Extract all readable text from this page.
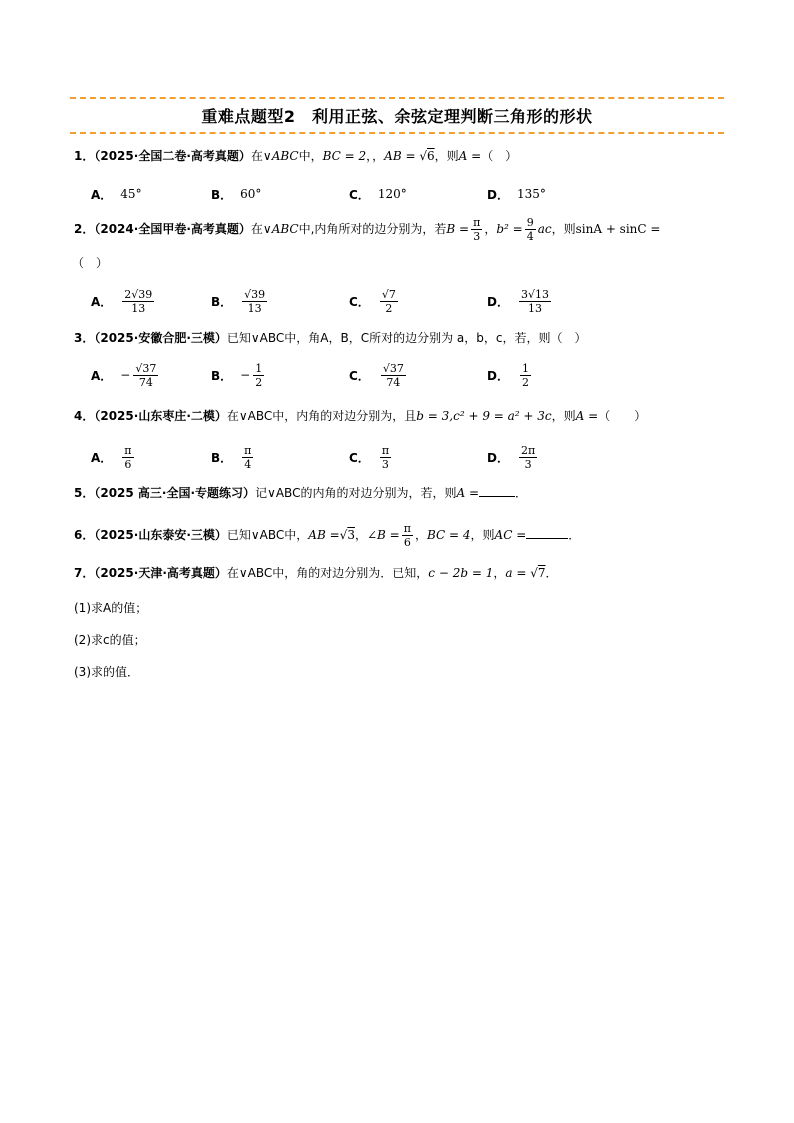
重难点题型2　利用正弦、余弦定理判断三角形的形状
1．（2025·全国二卷·高考真题）在∨ABC中，BC = 2，，AB = √6，则A =（　）
A． 45°	B． 60°	C． 120°	D． 135°
2．（2024·全国甲卷·高考真题）在∨ABC中,内角所对的边分别为，若$B = \frac{\pi}{3}$ ，$b^2 = \frac{9}{4}$ ac，则sinA + sinC =
（　）
A． $\frac{2√39}{13}$	B． $\frac{√39}{13}$	C． $\frac{√7}{2}$	D． $\frac{3√13}{13}$
3．（2025·安徽合肥·三模）已知∨ABC中，角A，B，C所对的边分别为 a，b，c，若，则（　）
A． − $\frac{√37}{74}$	B． − $\frac{1}{2}$	C． $\frac{√37}{74}$	D． $\frac{1}{2}$
4．（2025·山东枣庄·二模）在∨ABC中，内角的对边分别为，且b = 3,c² + 9 = a² + 3c，则A =（　　）
A． $\frac{\pi}{6}$	B． $\frac{\pi}{4}$	C． $\frac{\pi}{3}$	D． $\frac{2\pi}{3}$
5．（2025 高三·全国·专题练习）记∨ABC的内角的对边分别为，若，则A =	．
6．（2025·山东泰安·三模）已知∨ABC中，AB =√3，∠B = $\frac{\pi}{6}$ ，BC = 4，则AC =	．
7．（2025·天津·高考真题）在∨ABC中，角的对边分别为．已知，c − 2b = 1，a = √7．
(1)求A的值；
(2)求c的值；
(3)求的值．
